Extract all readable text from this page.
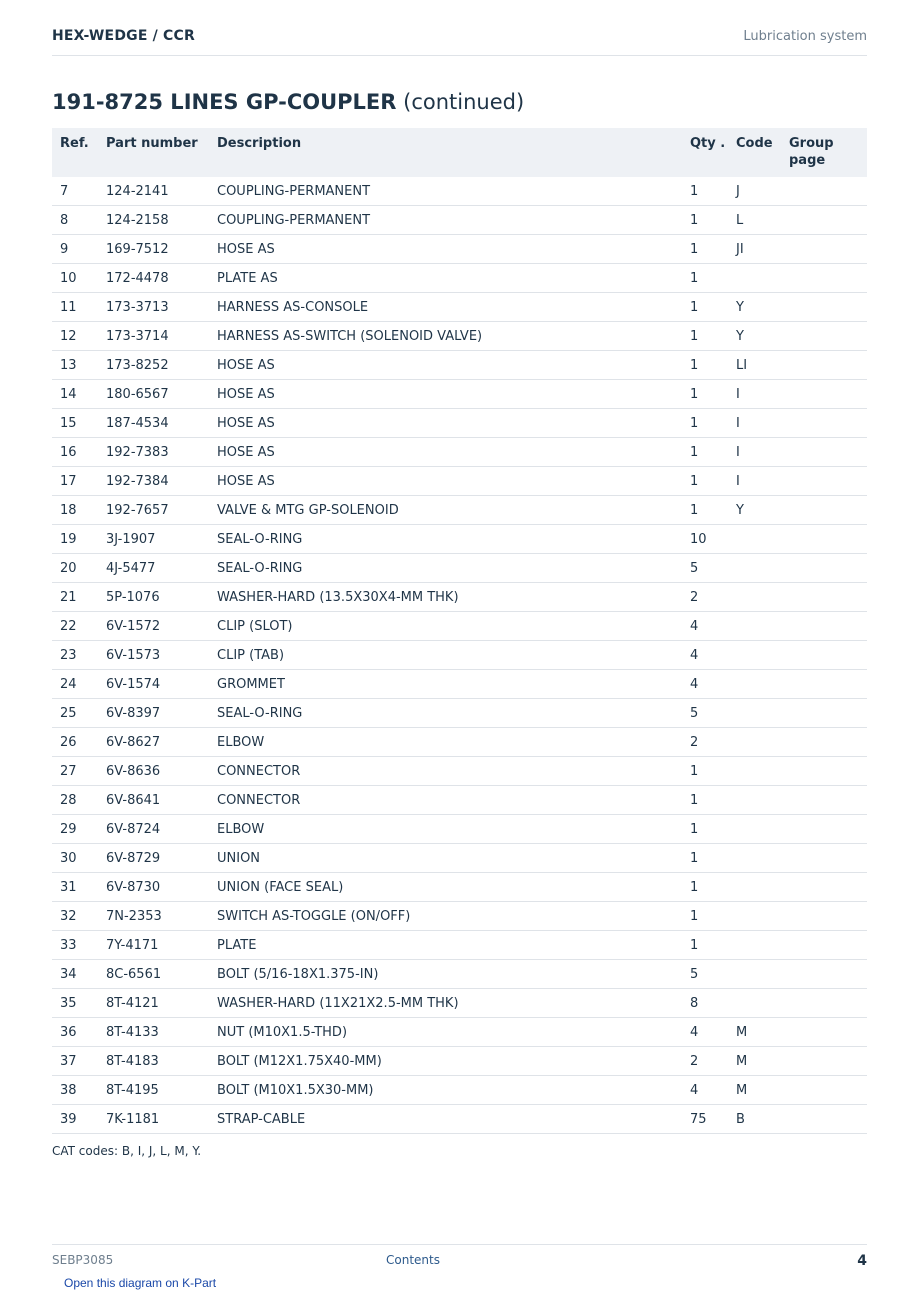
HEX-WEDGE / CCR	Lubrication system
191-8725 LINES GP-COUPLER (continued)
Ref.	Part number	Description	Qty .	Code	Group page
7	124-2141	COUPLING-PERMANENT	1	J	
8	124-2158	COUPLING-PERMANENT	1	L	
9	169-7512	HOSE AS	1	JI	
10	172-4478	PLATE AS	1		
11	173-3713	HARNESS AS-CONSOLE	1	Y	
12	173-3714	HARNESS AS-SWITCH (SOLENOID VALVE)	1	Y	
13	173-8252	HOSE AS	1	LI	
14	180-6567	HOSE AS	1	I	
15	187-4534	HOSE AS	1	I	
16	192-7383	HOSE AS	1	I	
17	192-7384	HOSE AS	1	I	
18	192-7657	VALVE & MTG GP-SOLENOID	1	Y	
19	3J-1907	SEAL-O-RING	10		
20	4J-5477	SEAL-O-RING	5		
21	5P-1076	WASHER-HARD (13.5X30X4-MM THK)	2		
22	6V-1572	CLIP (SLOT)	4		
23	6V-1573	CLIP (TAB)	4		
24	6V-1574	GROMMET	4		
25	6V-8397	SEAL-O-RING	5		
26	6V-8627	ELBOW	2		
27	6V-8636	CONNECTOR	1		
28	6V-8641	CONNECTOR	1		
29	6V-8724	ELBOW	1		
30	6V-8729	UNION	1		
31	6V-8730	UNION (FACE SEAL)	1		
32	7N-2353	SWITCH AS-TOGGLE (ON/OFF)	1		
33	7Y-4171	PLATE	1		
34	8C-6561	BOLT (5/16-18X1.375-IN)	5		
35	8T-4121	WASHER-HARD (11X21X2.5-MM THK)	8		
36	8T-4133	NUT (M10X1.5-THD)	4	M	
37	8T-4183	BOLT (M12X1.75X40-MM)	2	M	
38	8T-4195	BOLT (M10X1.5X30-MM)	4	M	
39	7K-1181	STRAP-CABLE	75	B	
CAT codes: B, I, J, L, M, Y.
SEBP3085	Contents	4
Open this diagram on K-Part
